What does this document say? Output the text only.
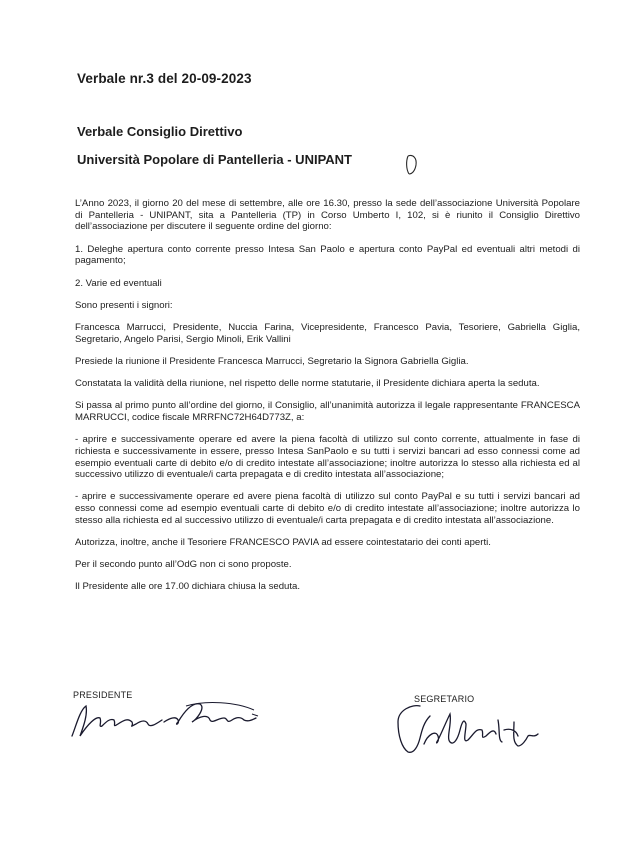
Verbale nr.3 del 20-09-2023
Verbale Consiglio Direttivo
Università Popolare di Pantelleria - UNIPANT

L’Anno 2023, il giorno 20 del mese di settembre, alle ore 16.30, presso la sede dell’associazione Università Popolare di Pantelleria - UNIPANT, sita a Pantelleria (TP) in Corso Umberto I, 102, si è riunito il Consiglio Direttivo dell’associazione per discutere il seguente ordine del giorno:

1. Deleghe apertura conto corrente presso Intesa San Paolo e apertura conto PayPal ed eventuali altri metodi di pagamento;

2. Varie ed eventuali

Sono presenti i signori:

Francesca Marrucci, Presidente, Nuccia Farina, Vicepresidente, Francesco Pavia, Tesoriere, Gabriella Giglia, Segretario, Angelo Parisi, Sergio Minoli, Erik Vallini

Presiede la riunione il Presidente Francesca Marrucci, Segretario la Signora Gabriella Giglia.

Constatata la validità della riunione, nel rispetto delle norme statutarie, il Presidente dichiara aperta la seduta.

Si passa al primo punto all’ordine del giorno, il Consiglio, all’unanimità autorizza il legale rappresentante FRANCESCA MARRUCCI, codice fiscale MRRFNC72H64D773Z, a:

- aprire e successivamente operare ed avere la piena facoltà di utilizzo sul conto corrente, attualmente in fase di richiesta e successivamente in essere, presso Intesa SanPaolo e su tutti i servizi bancari ad esso connessi come ad esempio eventuali carte di debito e/o di credito intestate all’associazione; inoltre autorizza lo stesso alla richiesta ed al successivo utilizzo di eventuale/i carta prepagata e di credito intestata all’associazione;

- aprire e successivamente operare ed avere piena facoltà di utilizzo sul conto PayPal e su tutti i servizi bancari ad esso connessi come ad esempio eventuali carte di debito e/o di credito intestate all’associazione; inoltre autorizza lo stesso alla richiesta ed al successivo utilizzo di eventuale/i carta prepagata e di credito intestata all’associazione.

Autorizza, inoltre, anche il Tesoriere FRANCESCO PAVIA ad essere cointestatario dei conti aperti.

Per il secondo punto all’OdG non ci sono proposte.

Il Presidente alle ore 17.00 dichiara chiusa la seduta.

PRESIDENTE	SEGRETARIO
